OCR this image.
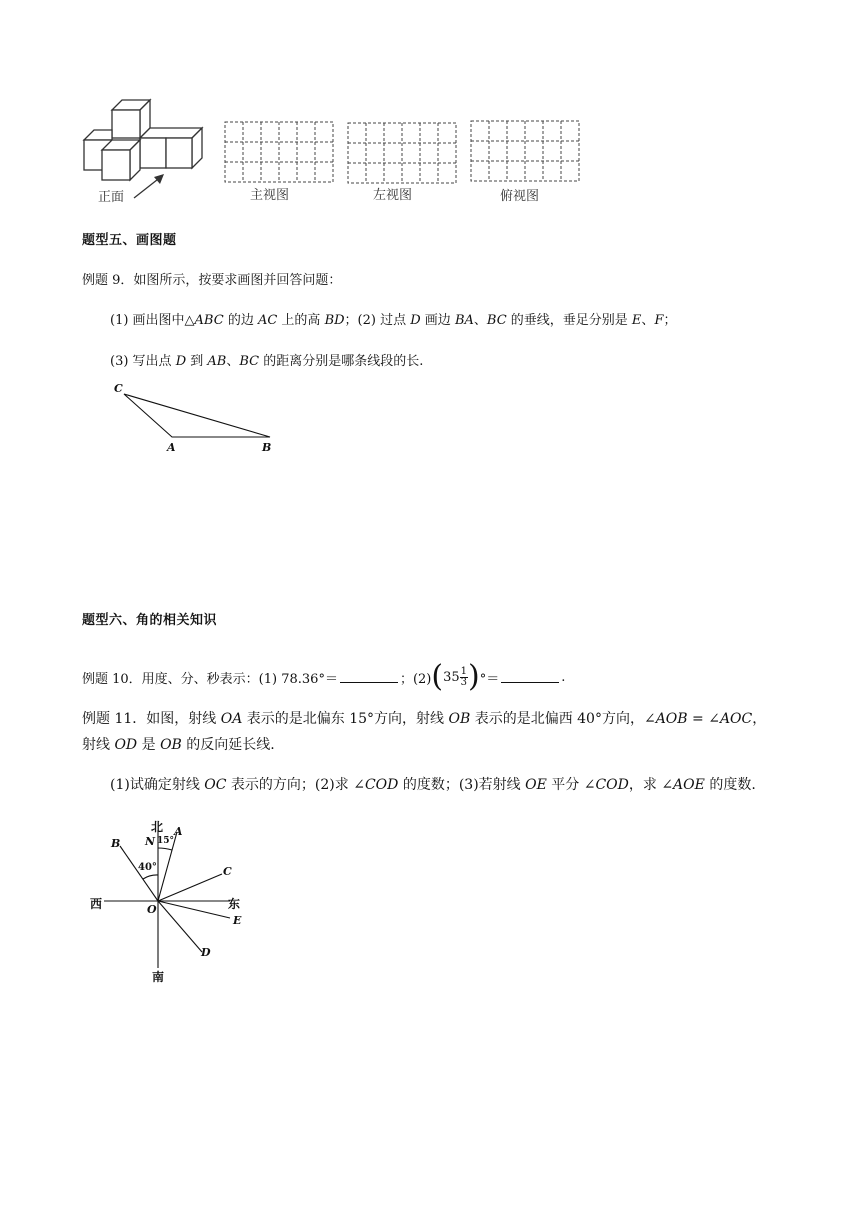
正面	主视图	左视图	俯视图
题型五、画图题
例题 9．如图所示，按要求画图并回答问题：
(1) 画出图中△ABC 的边 AC 上的高 BD；(2) 过点 D 画边 BA、BC 的垂线，垂足分别是 E、F；
(3) 写出点 D 到 AB、BC 的距离分别是哪条线段的长.
C
A	B
题型六、角的相关知识
例题 10．用度、分、秒表示：(1) 78.36°＝	；(2) ( $35 \frac{1}{3}$ ) °＝	.
例题 11．如图，射线 OA 表示的是北偏东 15°方向，射线 OB 表示的是北偏西 40°方向，∠AOB = ∠AOC，
射线 OD 是 OB 的反向延长线.
(1)试确定射线 OC 表示的方向；(2)求 ∠COD 的度数；(3)若射线 OE 平分 ∠COD，求 ∠AOE 的度数.
北
南
西	东
N
O
A
B
C
D
E
40°
15°
